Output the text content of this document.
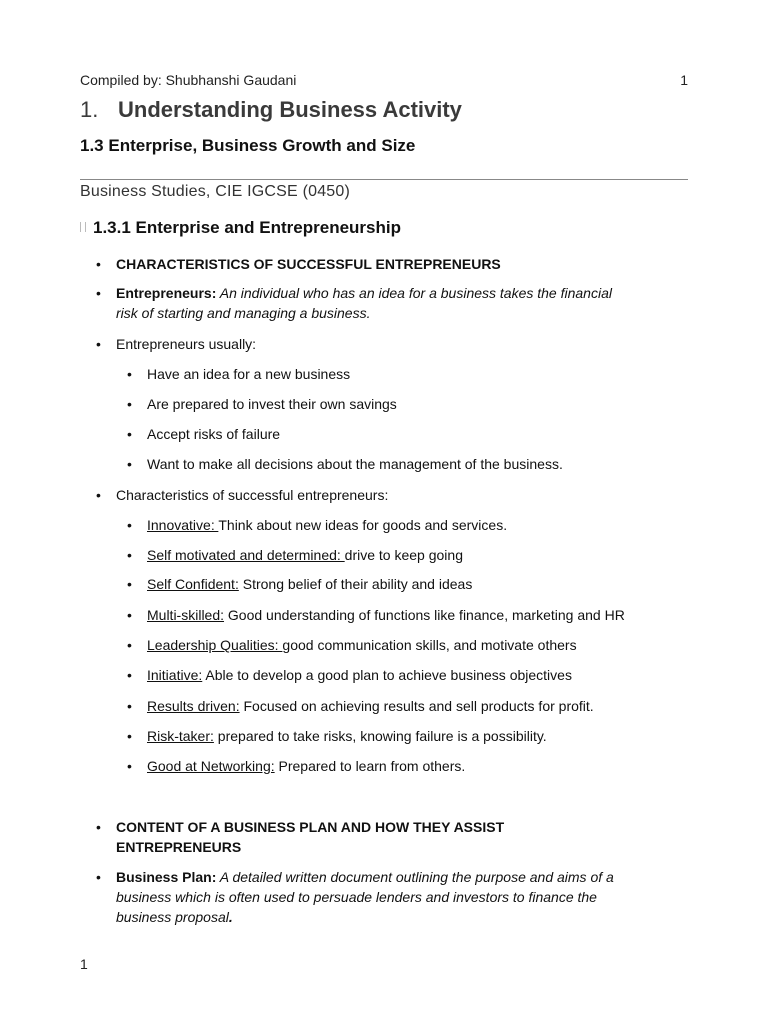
Compiled by: Shubhanshi Gaudani	1
1. Understanding Business Activity
1.3 Enterprise, Business Growth and Size
Business Studies, CIE IGCSE (0450)
1.3.1 Enterprise and Entrepreneurship
•	CHARACTERISTICS OF SUCCESSFUL ENTREPRENEURS
•	Entrepreneurs: An individual who has an idea for a business takes the financial
risk of starting and managing a business.
•	Entrepreneurs usually:
•	Have an idea for a new business
•	Are prepared to invest their own savings
•	Accept risks of failure
•	Want to make all decisions about the management of the business.
•	Characteristics of successful entrepreneurs:
•	Innovative: Think about new ideas for goods and services.
•	Self motivated and determined: drive to keep going
•	Self Confident: Strong belief of their ability and ideas
•	Multi-skilled: Good understanding of functions like finance, marketing and HR
•	Leadership Qualities: good communication skills, and motivate others
•	Initiative: Able to develop a good plan to achieve business objectives
•	Results driven: Focused on achieving results and sell products for profit.
•	Risk-taker: prepared to take risks, knowing failure is a possibility.
•	Good at Networking: Prepared to learn from others.
•	CONTENT OF A BUSINESS PLAN AND HOW THEY ASSIST
ENTREPRENEURS
•	Business Plan: A detailed written document outlining the purpose and aims of a
business which is often used to persuade lenders and investors to finance the
business proposal.
1
